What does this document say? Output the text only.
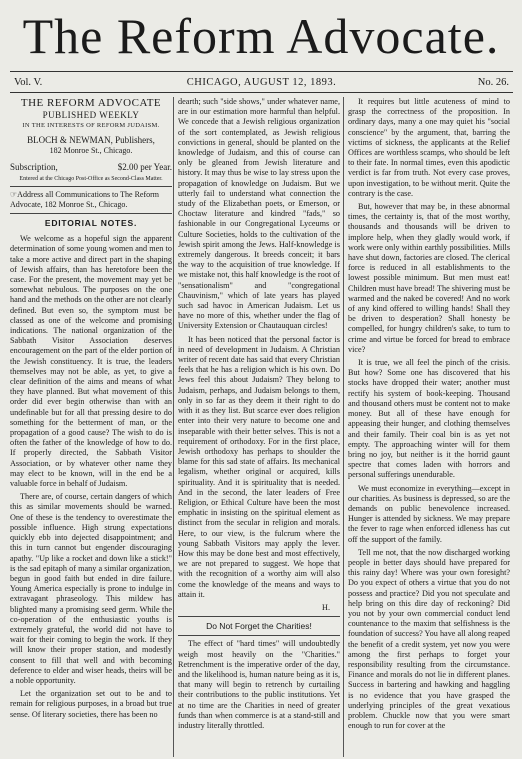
The Reform Advocate.
Vol. V.	CHICAGO, AUGUST 12, 1893.	No. 26.
THE REFORM ADVOCATE
PUBLISHED WEEKLY
IN THE INTERESTS OF REFORM JUDAISM.
BLOCH & NEWMAN, Publishers,
182 Monroe St., Chicago.
Subscription,	$2.00 per Year.
Entered at the Chicago Post-Office as Second-Class Matter.
☞Address all Communications to The Reform Advocate, 182 Monroe St., Chicago.
EDITORIAL NOTES.

We welcome as a hopeful sign the apparent determination of some young women and men to take a more active and direct part in the shaping of Jewish affairs, than has heretofore been the case. For the present, the movement may yet be somewhat nebulous. The purposes on the one hand and the methods on the other are not clearly defined. But even so, the symptom must be classed as one of the welcome and promising indications. The national organization of the Sabbath Visitor Association deserves encouragement on the part of the elder portion of the Jewish constituency. It is true, the leaders themselves may not be able, as yet, to give a clear definition of the aims and means of what they have planned. But what movement of this order did ever begin otherwise than with an undefinable but for all that pressing desire to do something for the betterment of man, or the propagation of a good cause? The wish to do is often the father of the knowledge of how to do. If properly directed, the Sabbath Visitor Association, or by whatever other name they may elect to be known, will in the end be a valuable force in behalf of Judaism.

There are, of course, certain dangers of which this as similar movements should be warned. One of these is the tendency to overestimate the possible influence. High strung expectations quickly ebb into dejected disappointment; and this in turn cannot but engender discouraging apathy. "Up like a rocket and down like a stick!" is the sad epitaph of many a similar organization, begun in good faith but ended in dire failure. Young America especially is prone to indulge in extravagant phraseology. This mildew has blighted many a promising seed germ. While the co-operation of the enthusiastic youths is extremely grateful, the world did not have to wait for their coming to begin the work. If they will know their proper station, and modestly consent to fill that well and with becoming deference to elder and wiser heads, theirs will be a noble opportunity.

Let the organization set out to be and to remain for religious purposes, in a broad but true sense. Of literary societies, there has been no

dearth; such "side shows," under whatever name, are in our estimation more harmful than helpful. We concede that a Jewish religious organization of the sort contemplated, as Jewish religious convictions in general, should be planted on the knowledge of Judaism, and this of course can only be gleaned from Jewish literature and history. It may thus be wise to lay stress upon the propagation of knowledge on Judaism. But we utterly fail to understand what connection the study of the Elizabethan poets, or Emerson, or Choctaw literature and kindred "fads," so fashionable in our Congregational Lyceums or Culture Societies, holds to the cultivation of the Jewish spirit among the Jews. Half-knowledge is extremely dangerous. It breeds conceit; it bars the way to the acquisition of true knowledge. If we mistake not, this half knowledge is the root of "sensationalism" and "congregational Chauvinism," which of late years has played such sad havoc in American Judaism. Let us have no more of this, whether under the flag of University Extension or Chautauquan circles!

It has been noticed that the personal factor is in need of development in Judaism. A Christian writer of recent date has said that every Christian feels that he has a religion which is his own. Do Jews feel this about Judaism? They belong to Judaism, perhaps, and Judaism belongs to them, only in so far as they deem it their right to do with it as they list. But scarce ever does religion enter into their very nature to become one and inseparable with their better selves. This is not a requirement of orthodoxy. For in the first place, Jewish orthodoxy has perhaps to shoulder the blame for this sad state of affairs. Its mechanical legalism, whether original or acquired, kills spirituality. And it is spirituality that is needed. And in the second, the later leaders of Free Religion, or Ethical Culture have been the most emphatic in insisting on the spiritual element as distinct from the secular in religion and morals. Here, to our view, is the fulcrum where the young Sabbath Visitors may apply the lever. How this may be done best and most effectively, we are not prepared to suggest. We hope that with the recognition of a worthy aim will also come the knowledge of the means and ways to attain it.

H.
Do Not Forget the Charities!

The effect of "hard times" will undoubtedly weigh most heavily on the "Charities." Retrenchment is the imperative order of the day, and the likelihood is, human nature being as it is, that many will begin to retrench by curtailing their contributions to the public institutions. Yet at no time are the Charities in need of greater funds than when commerce is at a stand-still and industry literally throttled.

It requires but little acuteness of mind to grasp the correctness of the proposition. In ordinary days, many a one may quiet his "social conscience" by the argument, that, barring the victims of sickness, the applicants at the Relief Offices are worthless scamps, who should be left to their fate. In normal times, even this apodictic verdict is far from truth. Not every case proves, upon investigation, to be without merit. Quite the contrary is the case.

But, however that may be, in these abnormal times, the certainty is, that of the most worthy, thousands and thousands will be driven to implore help, when they gladly would work, if work were only within earthly possibilities. Mills have shut down, factories are closed. The clerical force is reduced in all establishments to the lowest possible minimum. But men must eat! Children must have bread! The shivering must be warmed and the naked be covered! And no work of any kind offered to willing hands! Shall they be driven to desperation? Shall honesty be compelled, for hungry children's sake, to turn to crime and virtue be forced for bread to embrace vice?

It is true, we all feel the pinch of the crisis. But how? Some one has discovered that his stocks have dropped their water; another must rectify his system of book-keeping. Thousand and thousand others must be content not to make money. But all of these have enough for appeasing their hunger, and clothing themselves and their family. Their coal bin is as yet not empty. The approaching winter will for them bring no joy, but neither is it the horrid gaunt spectre that comes laden with horrors and personal sufferings unendurable.

We must economize in everything—except in our charities. As business is depressed, so are the demands on public benevolence increased. Hunger is attended by sickness. We may prepare the fever to rage when enforced idleness has cut off the support of the family.

Tell me not, that the now discharged working people in better days should have prepared for this rainy day! Where was your own foresight? Do you expect of others a virtue that you do not possess and practice? Did you not speculate and help bring on this dire day of reckoning? Did you not by your own commercial conduct lend countenance to the maxim that selfishness is the foundation of success? You have all along reaped the benefit of a credit system, yet now you were among the first perhaps to forget your responsibility resulting from the circumstance. Finance and morals do not lie in different planes. Success in bartering and hawking and haggling is no evidence that you have grasped the underlying principles of the great vexatious problem. Chuckle now that you were smart enough to run for cover at the
